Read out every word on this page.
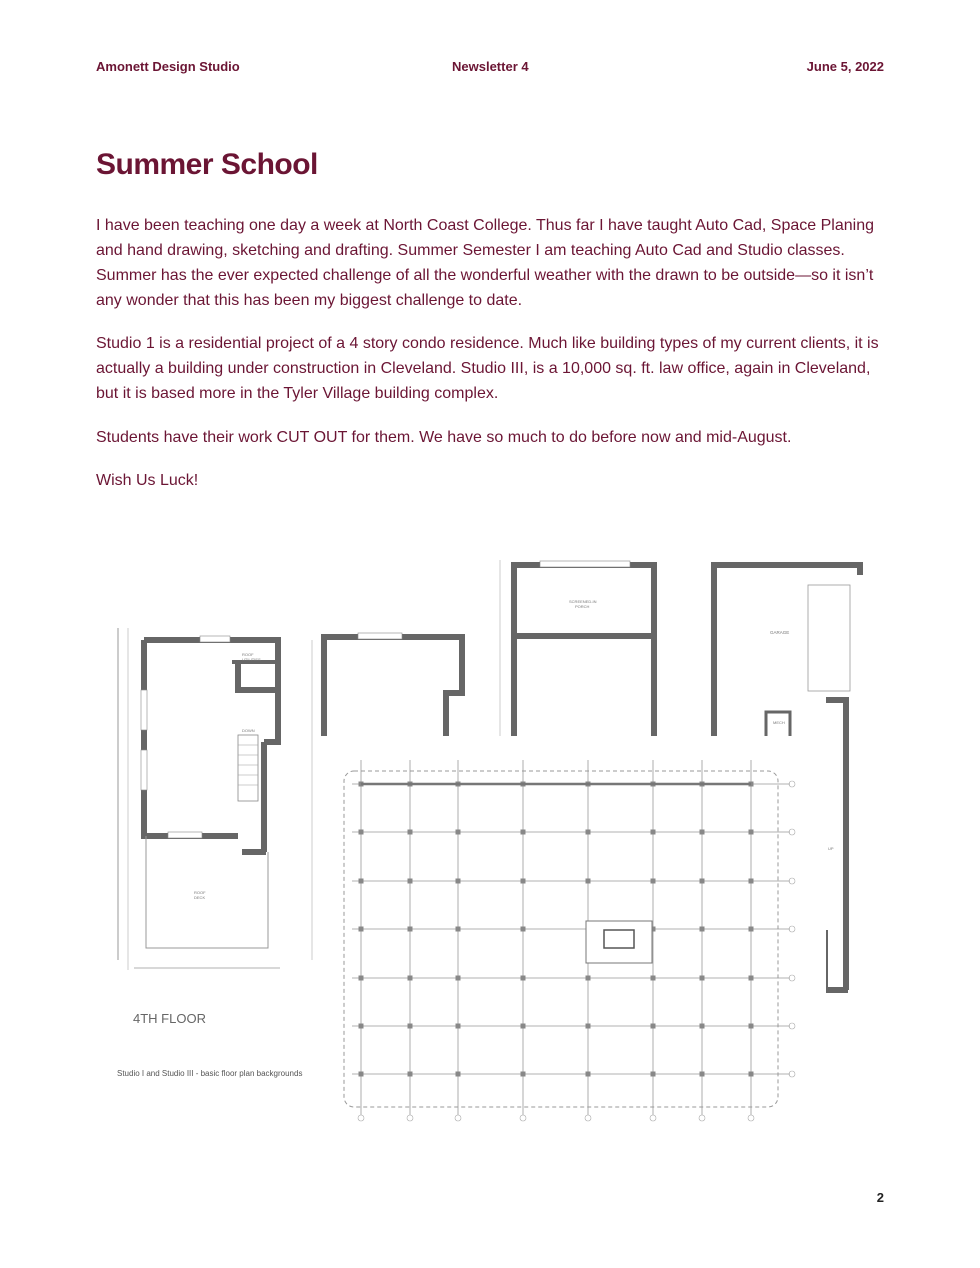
Amonett Design Studio	Newsletter 4	June 5, 2022
Summer School

I have been teaching one day a week at North Coast College. Thus far I have taught Auto Cad, Space Planing and hand drawing, sketching and drafting. Summer Semester I am teaching Auto Cad and Studio classes. Summer has the ever expected challenge of all the wonderful weather with the drawn to be outside—so it isn’t any wonder that this has been my biggest challenge to date.

Studio 1 is a residential project of a 4 story condo residence. Much like building types of my current clients, it is actually a building under construction in Cleveland. Studio III, is a 10,000 sq. ft. law office, again in Cleveland, but it is based more in the Tyler Village building complex.

Students have their work CUT OUT for them. We have so much to do before now and mid-August.

Wish Us Luck!

ROOF
UTILITIES
DOWN
ROOF
DECK
4TH FLOOR
Studio I and Studio III - basic floor plan backgrounds
SCREENED-IN
PORCH
GARAGE
MECH
UP
2
